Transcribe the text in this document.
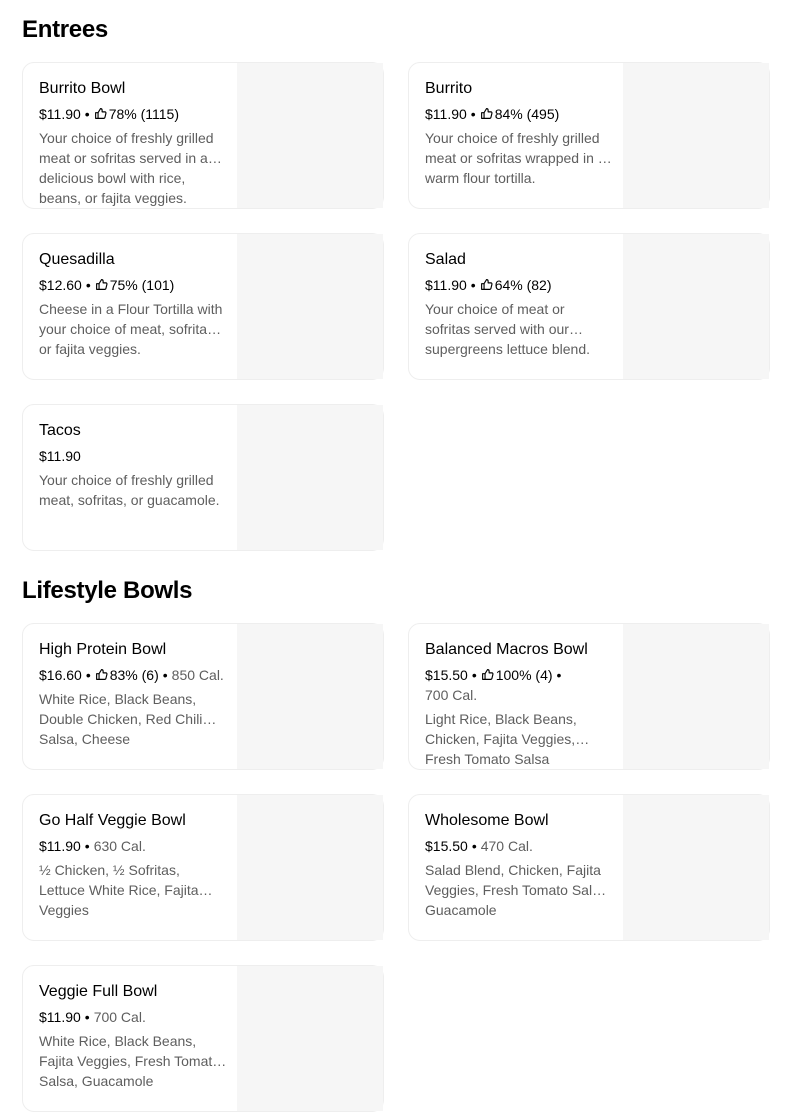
Entrees
Burrito Bowl
$11.90 • 78% (1115)
Your choice of freshly grilled meat or sofritas served in a delicious bowl with rice, beans, or fajita veggies.
Burrito
$11.90 • 84% (495)
Your choice of freshly grilled meat or sofritas wrapped in a warm flour tortilla.
Quesadilla
$12.60 • 75% (101)
Cheese in a Flour Tortilla with your choice of meat, sofritas or fajita veggies.
Salad
$11.90 • 64% (82)
Your choice of meat or sofritas served with our supergreens lettuce blend.
Tacos
$11.90
Your choice of freshly grilled meat, sofritas, or guacamole.
Lifestyle Bowls
High Protein Bowl
$16.60 • 83% (6) • 850 Cal.
White Rice, Black Beans, Double Chicken, Red Chili Salsa, Cheese
Balanced Macros Bowl
$15.50 • 100% (4) •
700 Cal.
Light Rice, Black Beans, Chicken, Fajita Veggies, Fresh Tomato Salsa
Go Half Veggie Bowl
$11.90 • 630 Cal.
½ Chicken, ½ Sofritas, Lettuce White Rice, Fajita Veggies
Wholesome Bowl
$15.50 • 470 Cal.
Salad Blend, Chicken, Fajita Veggies, Fresh Tomato Salsa, Guacamole
Veggie Full Bowl
$11.90 • 700 Cal.
White Rice, Black Beans, Fajita Veggies, Fresh Tomato Salsa, Guacamole
